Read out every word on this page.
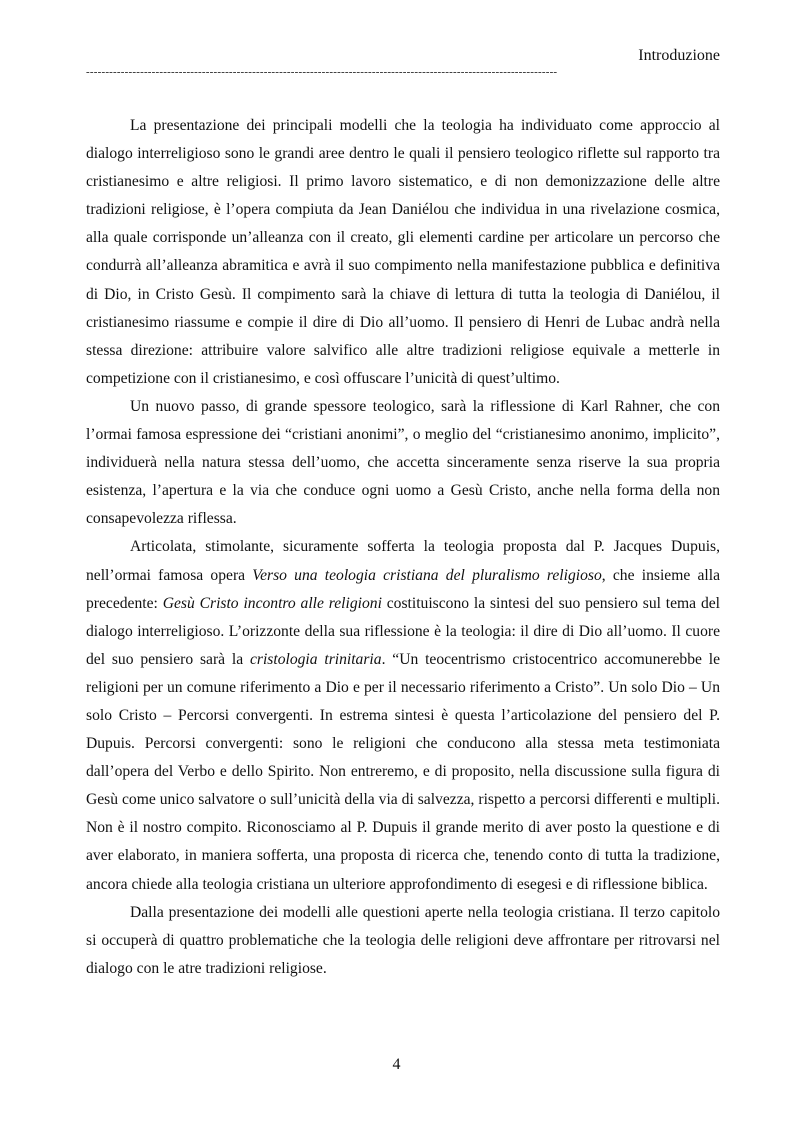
Introduzione
--------------------------------------------------------------------------------------------------------------------------

La presentazione dei principali modelli che la teologia ha individuato come approccio al dialogo interreligioso sono le grandi aree dentro le quali il pensiero teologico riflette sul rapporto tra cristianesimo e altre religiosi. Il primo lavoro sistematico, e di non demonizzazione delle altre tradizioni religiose, è l’opera compiuta da Jean Daniélou che individua in una rivelazione cosmica, alla quale corrisponde un’alleanza con il creato, gli elementi cardine per articolare un percorso che condurrà all’alleanza abramitica e avrà il suo compimento nella manifestazione pubblica e definitiva di Dio, in Cristo Gesù. Il compimento sarà la chiave di lettura di tutta la teologia di Daniélou, il cristianesimo riassume e compie il dire di Dio all’uomo. Il pensiero di Henri de Lubac andrà nella stessa direzione: attribuire valore salvifico alle altre tradizioni religiose equivale a metterle in competizione con il cristianesimo, e così offuscare l’unicità di quest’ultimo.

Un nuovo passo, di grande spessore teologico, sarà la riflessione di Karl Rahner, che con l’ormai famosa espressione dei “cristiani anonimi”, o meglio del “cristianesimo anonimo, implicito”, individuerà nella natura stessa dell’uomo, che accetta sinceramente senza riserve la sua propria esistenza, l’apertura e la via che conduce ogni uomo a Gesù Cristo, anche nella forma della non consapevolezza riflessa.

Articolata, stimolante, sicuramente sofferta la teologia proposta dal P. Jacques Dupuis, nell’ormai famosa opera Verso una teologia cristiana del pluralismo religioso, che insieme alla precedente: Gesù Cristo incontro alle religioni costituiscono la sintesi del suo pensiero sul tema del dialogo interreligioso. L’orizzonte della sua riflessione è la teologia: il dire di Dio all’uomo. Il cuore del suo pensiero sarà la cristologia trinitaria. “Un teocentrismo cristocentrico accomunerebbe le religioni per un comune riferimento a Dio e per il necessario riferimento a Cristo”. Un solo Dio – Un solo Cristo – Percorsi convergenti. In estrema sintesi è questa l’articolazione del pensiero del P. Dupuis. Percorsi convergenti: sono le religioni che conducono alla stessa meta testimoniata dall’opera del Verbo e dello Spirito. Non entreremo, e di proposito, nella discussione sulla figura di Gesù come unico salvatore o sull’unicità della via di salvezza, rispetto a percorsi differenti e multipli. Non è il nostro compito. Riconosciamo al P. Dupuis il grande merito di aver posto la questione e di aver elaborato, in maniera sofferta, una proposta di ricerca che, tenendo conto di tutta la tradizione, ancora chiede alla teologia cristiana un ulteriore approfondimento di esegesi e di riflessione biblica.

Dalla presentazione dei modelli alle questioni aperte nella teologia cristiana. Il terzo capitolo si occuperà di quattro problematiche che la teologia delle religioni deve affrontare per ritrovarsi nel dialogo con le atre tradizioni religiose.

4
